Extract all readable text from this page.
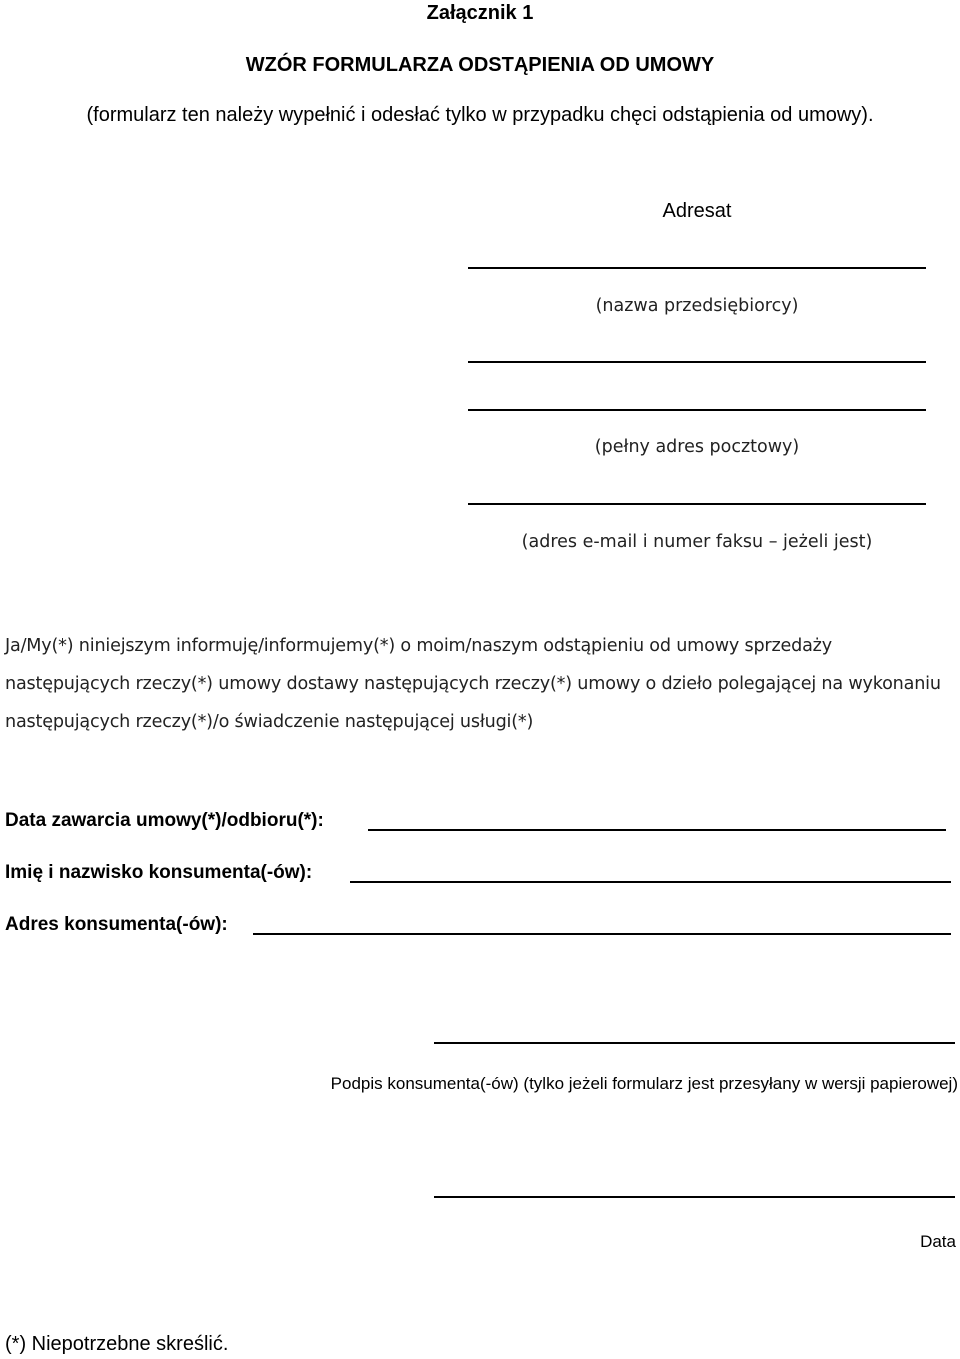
Załącznik 1
WZÓR FORMULARZA ODSTĄPIENIA OD UMOWY
(formularz ten należy wypełnić i odesłać tylko w przypadku chęci odstąpienia od umowy).
Adresat
(nazwa przedsiębiorcy)
(pełny adres pocztowy)
(adres e-mail i numer faksu – jeżeli jest)
Ja/My(*) niniejszym informuję/informujemy(*) o moim/naszym odstąpieniu od umowy sprzedaży następujących rzeczy(*) umowy dostawy następujących rzeczy(*) umowy o dzieło polegającej na wykonaniu następujących rzeczy(*)/o świadczenie następującej usługi(*)
Data zawarcia umowy(*)/odbioru(*):
Imię i nazwisko konsumenta(-ów):
Adres konsumenta(-ów):
Podpis konsumenta(-ów) (tylko jeżeli formularz jest przesyłany w wersji papierowej)
Data
(*) Niepotrzebne skreślić.
